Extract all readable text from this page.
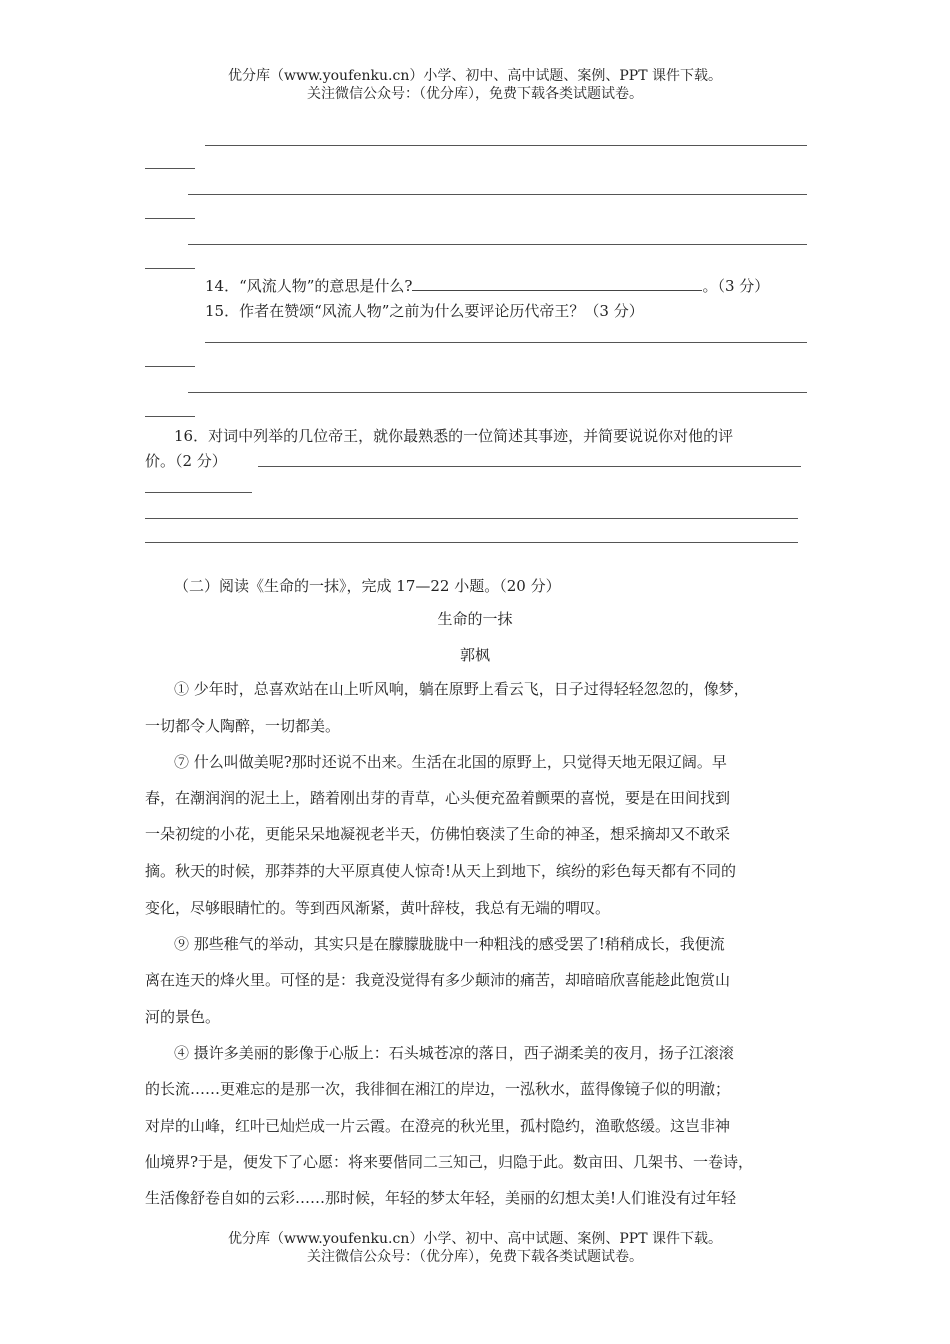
优分库（www.youfenku.cn）小学、初中、高中试题、案例、PPT 课件下载。
关注微信公众号：（优分库），免费下载各类试题试卷。
14．“风流人物”的意思是什么?	。（3 分）
15．作者在赞颂“风流人物”之前为什么要评论历代帝王？（3 分）
16．对词中列举的几位帝王，就你最熟悉的一位简述其事迹，并简要说说你对他的评
价。（2 分）
（二）阅读《生命的一抹》，完成 17—22 小题。（20 分）
生命的一抹
郭枫
① 少年时，总喜欢站在山上听风响，躺在原野上看云飞，日子过得轻轻忽忽的，像梦，
一切都令人陶醉，一切都美。
⑦ 什么叫做美呢?那时还说不出来。生活在北国的原野上，只觉得天地无限辽阔。早
春，在潮润润的泥土上，踏着刚出芽的青草，心头便充盈着颤栗的喜悦，要是在田间找到
一朵初绽的小花，更能呆呆地凝视老半天，仿佛怕亵渎了生命的神圣，想采摘却又不敢采
摘。秋天的时候，那莽莽的大平原真使人惊奇!从天上到地下，缤纷的彩色每天都有不同的
变化，尽够眼睛忙的。等到西风渐紧，黄叶辞枝，我总有无端的喟叹。
⑨ 那些稚气的举动，其实只是在朦朦胧胧中一种粗浅的感受罢了!稍稍成长，我便流
离在连天的烽火里。可怪的是：我竟没觉得有多少颠沛的痛苦，却暗暗欣喜能趁此饱赏山
河的景色。
④ 摄许多美丽的影像于心版上：石头城苍凉的落日，西子湖柔美的夜月，扬子江滚滚
的长流……更难忘的是那一次，我徘徊在湘江的岸边，一泓秋水，蓝得像镜子似的明澈；
对岸的山峰，红叶已灿烂成一片云霞。在澄亮的秋光里，孤村隐约，渔歌悠缓。这岂非神
仙境界?于是，便发下了心愿：将来要偕同二三知己，归隐于此。数亩田、几架书、一卷诗，
生活像舒卷自如的云彩……那时候，年轻的梦太年轻，美丽的幻想太美!人们谁没有过年轻
优分库（www.youfenku.cn）小学、初中、高中试题、案例、PPT 课件下载。
关注微信公众号：（优分库），免费下载各类试题试卷。
